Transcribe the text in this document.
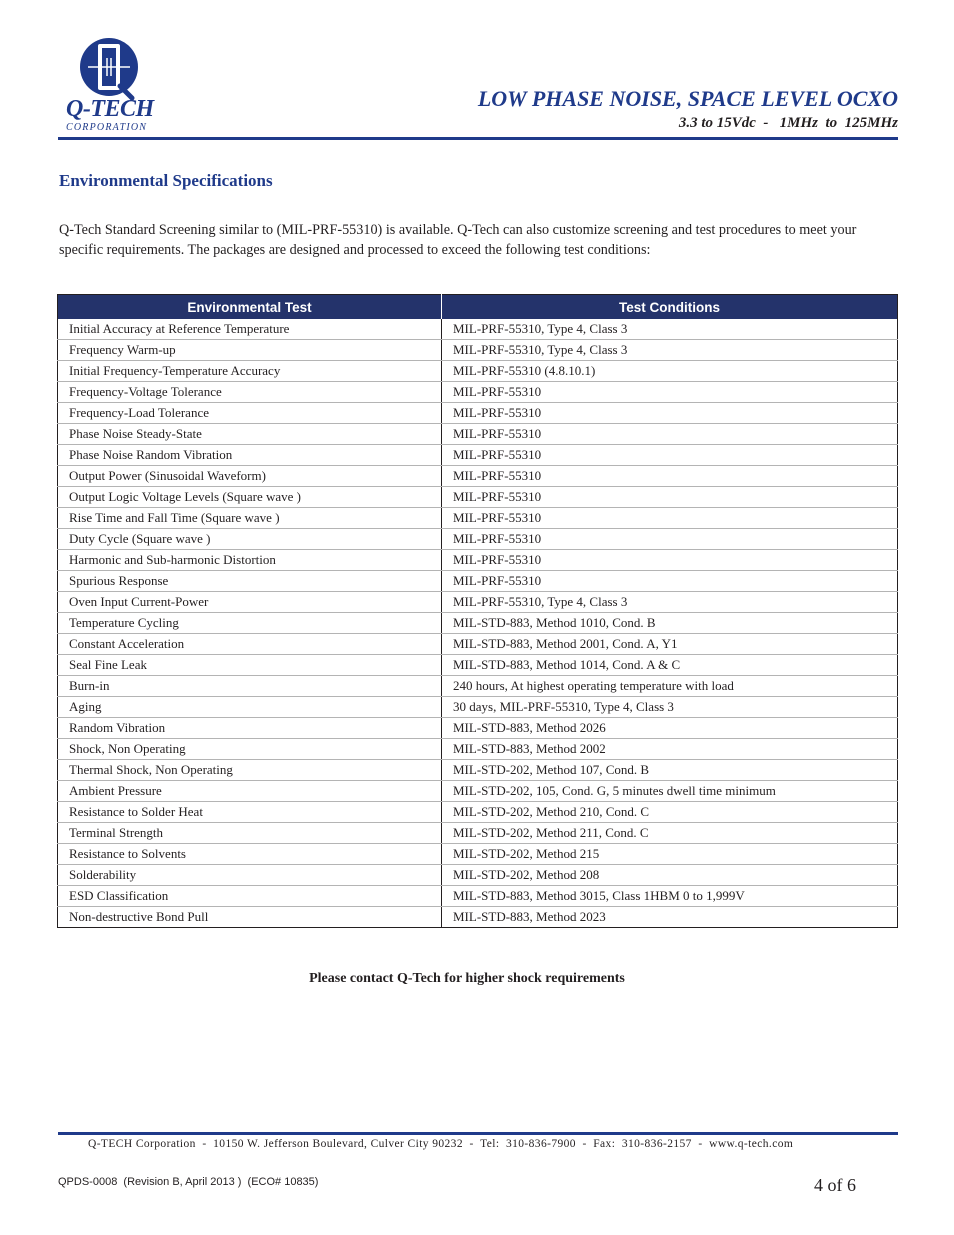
Q-TECH
CORPORATION
LOW PHASE NOISE, SPACE LEVEL OCXO
3.3 to 15Vdc  -   1MHz  to  125MHz
Environmental Specifications
Q-Tech Standard Screening similar to (MIL-PRF-55310) is available. Q-Tech can also customize screening and test procedures to meet your specific requirements. The packages are designed and processed to exceed the following test conditions:
Environmental Test	Test Conditions
Initial Accuracy at Reference Temperature	MIL-PRF-55310, Type 4, Class 3
Frequency Warm-up	MIL-PRF-55310, Type 4, Class 3
Initial Frequency-Temperature Accuracy	MIL-PRF-55310 (4.8.10.1)
Frequency-Voltage Tolerance	MIL-PRF-55310
Frequency-Load Tolerance	MIL-PRF-55310
Phase Noise Steady-State	MIL-PRF-55310
Phase Noise Random Vibration	MIL-PRF-55310
Output Power (Sinusoidal Waveform)	MIL-PRF-55310
Output Logic Voltage Levels (Square wave )	MIL-PRF-55310
Rise Time and Fall Time (Square wave )	MIL-PRF-55310
Duty Cycle (Square wave )	MIL-PRF-55310
Harmonic and Sub-harmonic Distortion	MIL-PRF-55310
Spurious Response	MIL-PRF-55310
Oven Input Current-Power	MIL-PRF-55310, Type 4, Class 3
Temperature Cycling	MIL-STD-883, Method 1010, Cond. B
Constant Acceleration	MIL-STD-883, Method 2001, Cond. A, Y1
Seal Fine Leak	MIL-STD-883, Method 1014, Cond. A & C
Burn-in	240 hours, At highest operating temperature with load
Aging	30 days, MIL-PRF-55310, Type 4, Class 3
Random Vibration	MIL-STD-883, Method 2026
Shock, Non Operating	MIL-STD-883, Method 2002
Thermal Shock, Non Operating	MIL-STD-202, Method 107, Cond. B
Ambient Pressure	MIL-STD-202, 105, Cond. G, 5 minutes dwell time minimum
Resistance to Solder Heat	MIL-STD-202, Method 210, Cond. C
Terminal Strength	MIL-STD-202, Method 211, Cond. C
Resistance to Solvents	MIL-STD-202, Method 215
Solderability	MIL-STD-202, Method 208
ESD Classification	MIL-STD-883, Method 3015, Class 1HBM 0 to 1,999V
Non-destructive Bond Pull	MIL-STD-883, Method 2023
Please contact Q-Tech for higher shock requirements
Q-TECH Corporation  -  10150 W. Jefferson Boulevard, Culver City 90232  -  Tel:  310-836-7900  -  Fax:  310-836-2157  -  www.q-tech.com
QPDS-0008  (Revision B, April 2013 )  (ECO# 10835)	4 of 6
